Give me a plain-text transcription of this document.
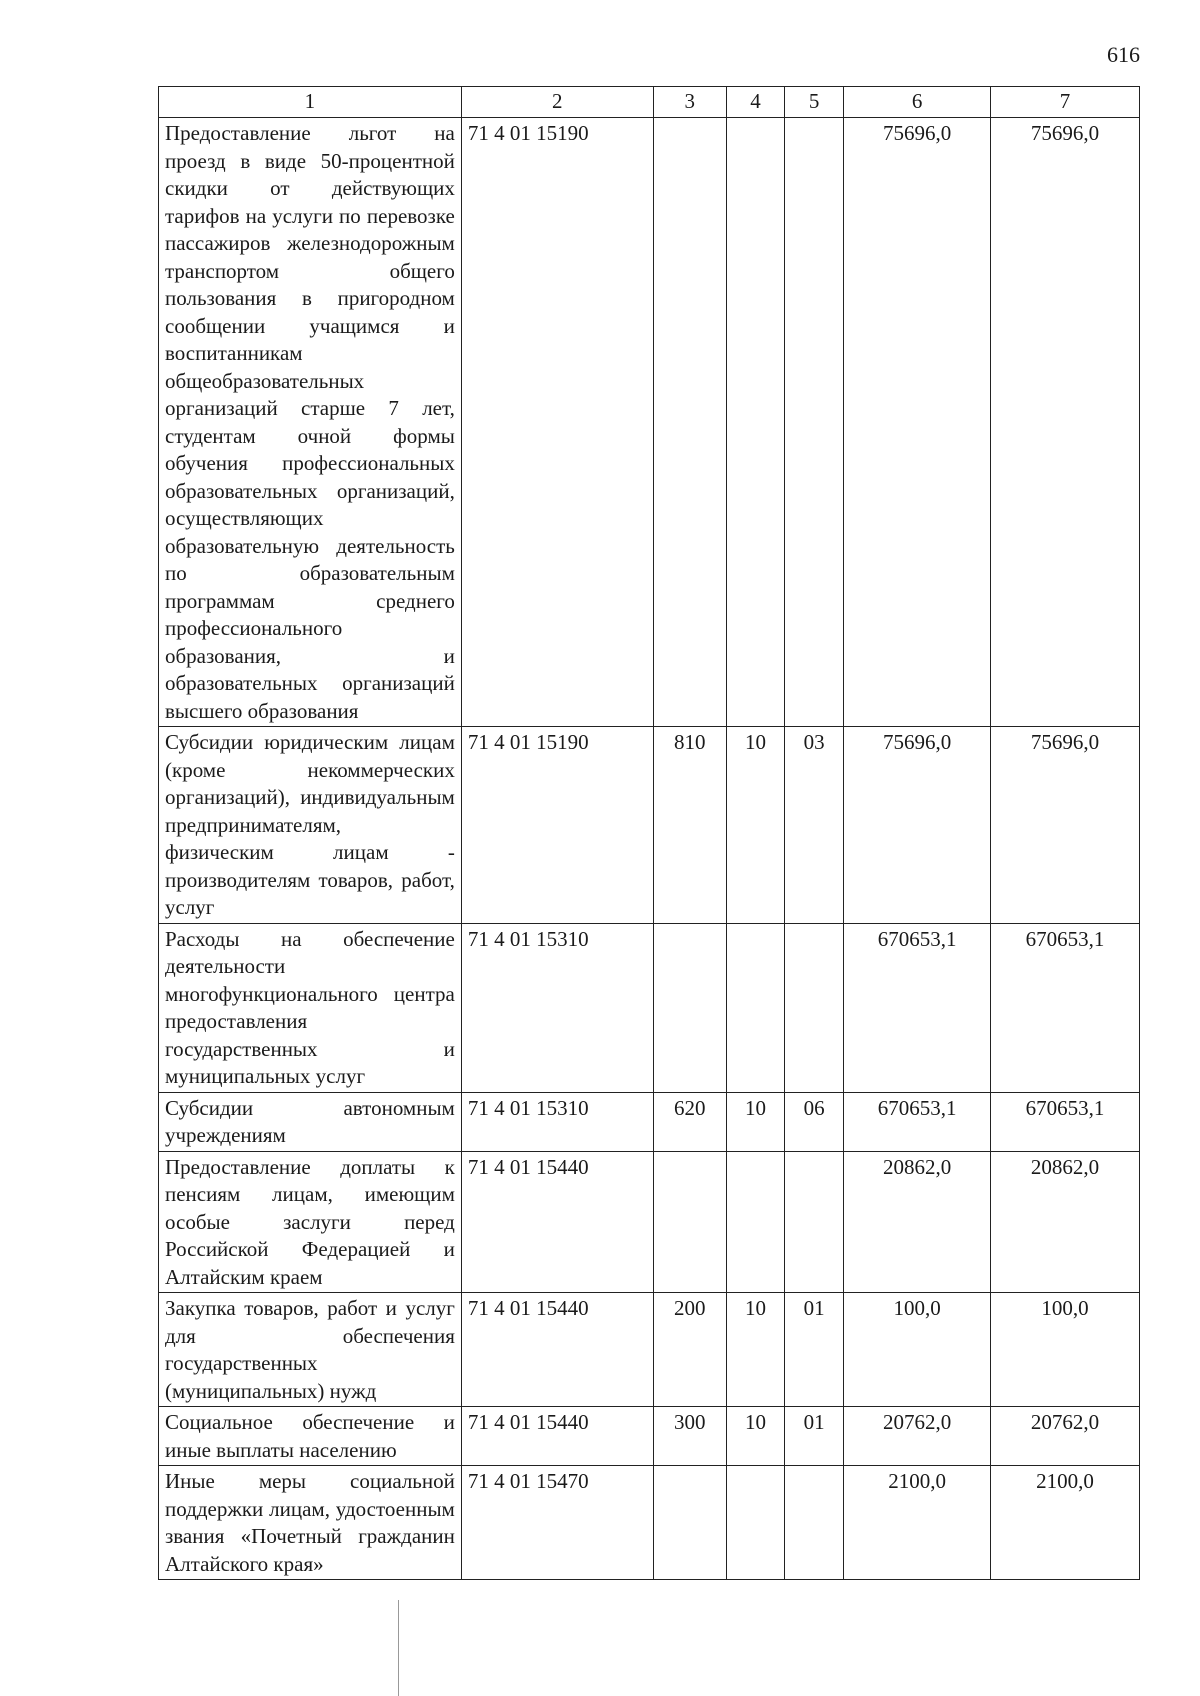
616
1	2	3	4	5	6	7
Предоставление льгот на проезд в виде 50-процентной скидки от действующих тарифов на услуги по перевозке пассажиров железнодорожным транспортом общего пользования в пригородном сообщении учащимся и воспитанникам общеобразовательных организаций старше 7 лет, студентам очной формы обучения профессиональных образовательных организаций, осуществляющих образовательную деятельность по образовательным программам среднего профессионального образования, и образовательных организаций высшего образования	71 4 01 15190				75696,0	75696,0
Субсидии юридическим лицам (кроме некоммерческих организаций), индивидуальным предпринимателям, физическим лицам - производителям товаров, работ, услуг	71 4 01 15190	810	10	03	75696,0	75696,0
Расходы на обеспечение деятельности многофункционального центра предоставления государственных и муниципальных услуг	71 4 01 15310				670653,1	670653,1
Субсидии автономным учреждениям	71 4 01 15310	620	10	06	670653,1	670653,1
Предоставление доплаты к пенсиям лицам, имеющим особые заслуги перед Российской Федерацией и Алтайским краем	71 4 01 15440				20862,0	20862,0
Закупка товаров, работ и услуг для обеспечения государственных (муниципальных) нужд	71 4 01 15440	200	10	01	100,0	100,0
Социальное обеспечение и иные выплаты населению	71 4 01 15440	300	10	01	20762,0	20762,0
Иные меры социальной поддержки лицам, удостоенным звания «Почетный гражданин Алтайского края»	71 4 01 15470				2100,0	2100,0
